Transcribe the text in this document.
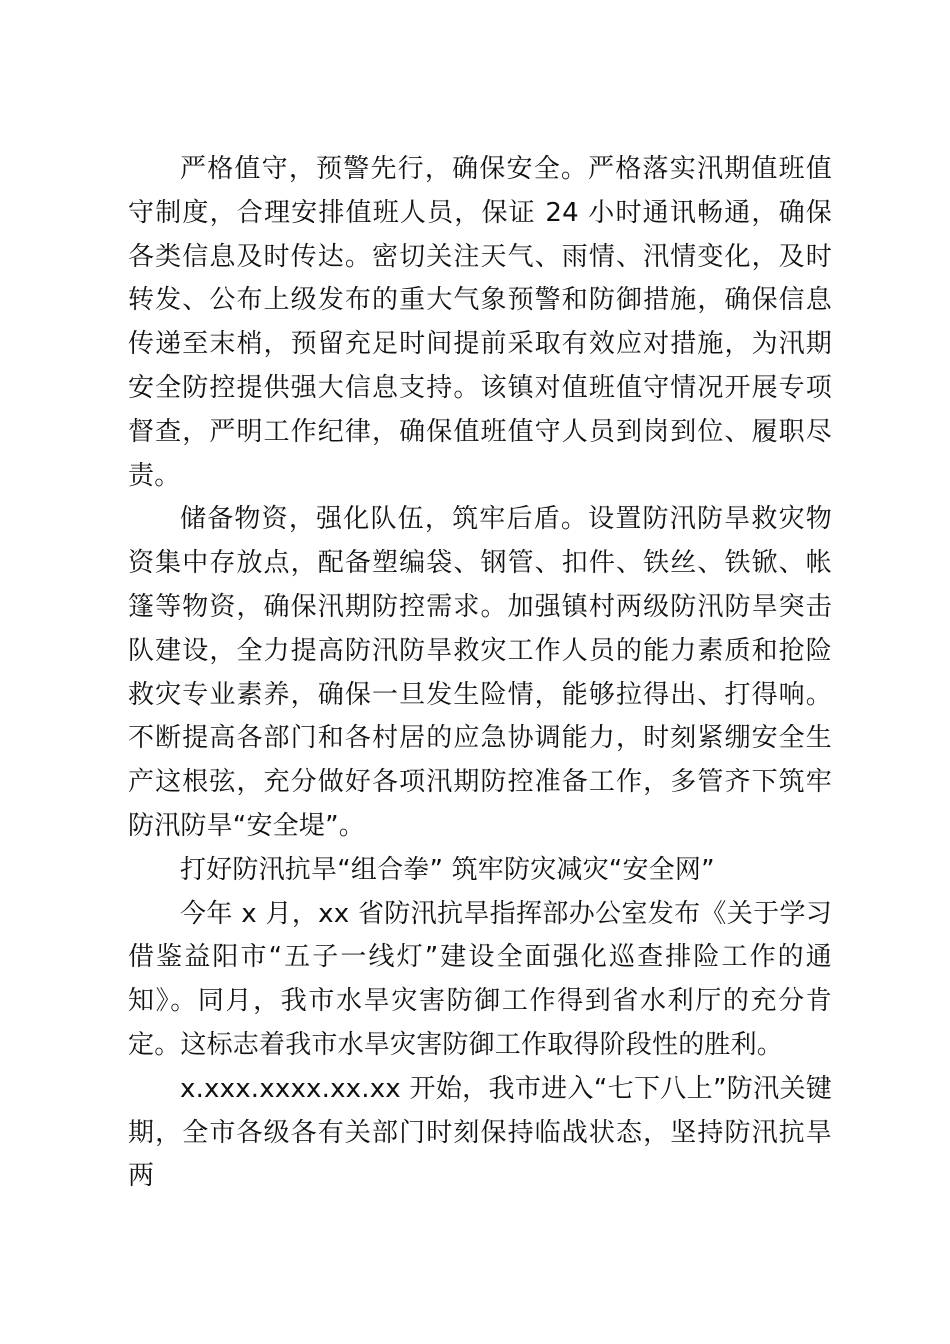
严格值守，预警先行，确保安全。严格落实汛期值班值守制度，合理安排值班人员，保证 24 小时通讯畅通，确保各类信息及时传达。密切关注天气、雨情、汛情变化，及时转发、公布上级发布的重大气象预警和防御措施，确保信息传递至末梢，预留充足时间提前采取有效应对措施，为汛期安全防控提供强大信息支持。该镇对值班值守情况开展专项督查，严明工作纪律，确保值班值守人员到岗到位、履职尽责。

储备物资，强化队伍，筑牢后盾。设置防汛防旱救灾物资集中存放点，配备塑编袋、钢管、扣件、铁丝、铁锨、帐篷等物资，确保汛期防控需求。加强镇村两级防汛防旱突击队建设，全力提高防汛防旱救灾工作人员的能力素质和抢险救灾专业素养，确保一旦发生险情，能够拉得出、打得响。不断提高各部门和各村居的应急协调能力，时刻紧绷安全生产这根弦，充分做好各项汛期防控准备工作，多管齐下筑牢防汛防旱“安全堤”。

打好防汛抗旱“组合拳” 筑牢防灾减灾“安全网”

今年 x 月，xx 省防汛抗旱指挥部办公室发布《关于学习借鉴益阳市“五子一线灯”建设全面强化巡查排险工作的通知》。同月，我市水旱灾害防御工作得到省水利厅的充分肯定。这标志着我市水旱灾害防御工作取得阶段性的胜利。

x.xxx.xxxx.xx.xx 开始，我市进入“七下八上”防汛关键期，全市各级各有关部门时刻保持临战状态，坚持防汛抗旱两
